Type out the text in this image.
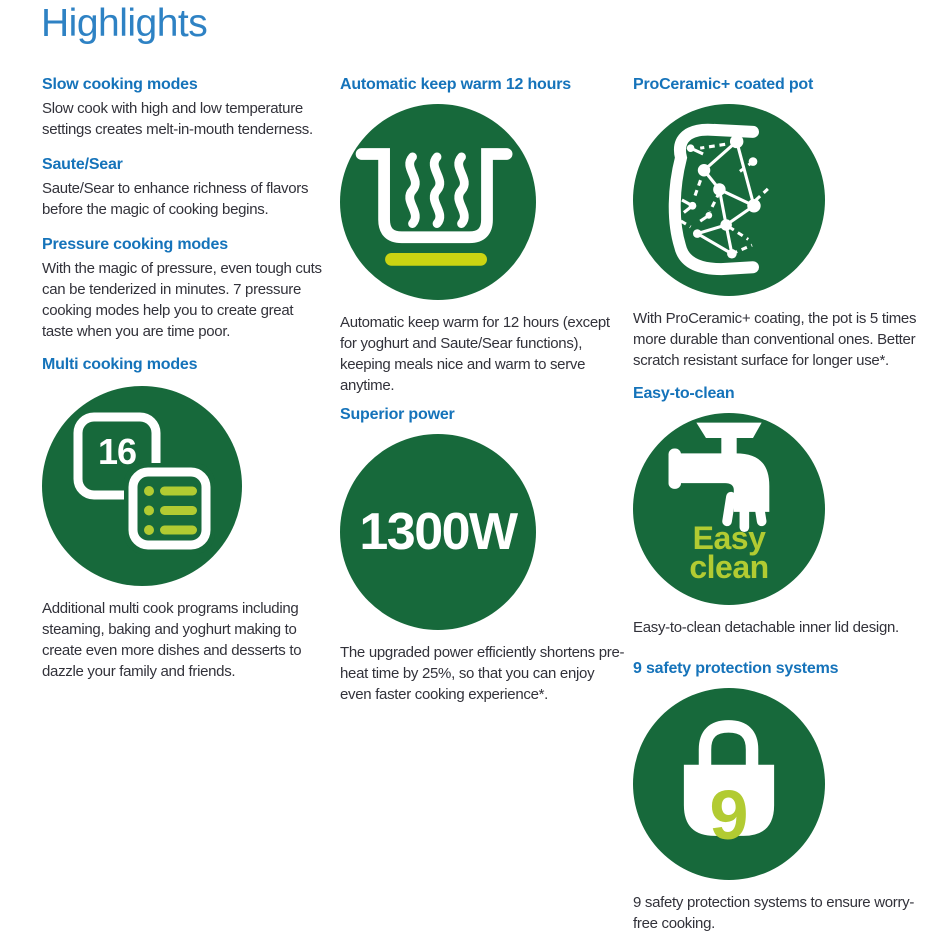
Highlights
Slow cooking modes

Slow cook with high and low temperature settings creates melt-in-mouth tenderness.

Saute/Sear

Saute/Sear to enhance richness of flavors before the magic of cooking begins.

Pressure cooking modes

With the magic of pressure, even tough cuts can be tenderized in minutes. 7 pressure cooking modes help you to create great taste when you are time poor.

Multi cooking modes
16

Additional multi cook programs including steaming, baking and yoghurt making to create even more dishes and desserts to dazzle your family and friends.

Automatic keep warm 12 hours

Automatic keep warm for 12 hours (except for yoghurt and Saute/Sear functions), keeping meals nice and warm to serve anytime.

Superior power
1300W

The upgraded power efficiently shortens pre-heat time by 25%, so that you can enjoy even faster cooking experience*.

ProCeramic+ coated pot

With ProCeramic+ coating, the pot is 5 times more durable than conventional ones. Better scratch resistant surface for longer use*.

Easy-to-clean
Easy
clean

Easy-to-clean detachable inner lid design.

9 safety protection systems
9

9 safety protection systems to ensure worry-free cooking.
